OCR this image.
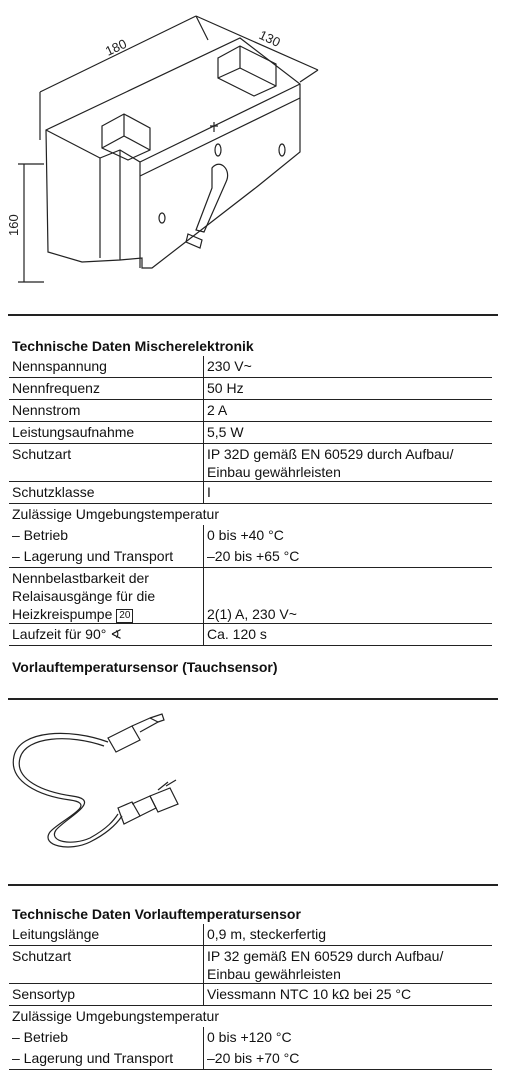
180	130
160
Technische Daten Mischerelektronik
Nennspannung	230 V~
Nennfrequenz	50 Hz
Nennstrom	2 A
Leistungsaufnahme	5,5 W
Schutzart	IP 32D gemäß EN 60529 durch Aufbau/
Einbau gewährleisten

Schutzklasse	I
Zulässige Umgebungstemperatur	
– Betrieb	0 bis +40 °C
– Lagerung und Transport	–20 bis +65 °C

Nennbelastbarkeit der
Relaisausgänge für die
Heizkreispumpe 20	2(1) A, 230 V~
Laufzeit für 90° ∢	Ca. 120 s
Vorlauftemperatursensor (Tauchsensor)
Technische Daten Vorlauftemperatursensor
Leitungslänge	0,9 m, steckerfertig
Schutzart	IP 32 gemäß EN 60529 durch Aufbau/
Einbau gewährleisten

Sensortyp	Viessmann NTC 10 kΩ bei 25 °C
Zulässige Umgebungstemperatur	
– Betrieb	0 bis +120 °C
– Lagerung und Transport	–20 bis +70 °C
